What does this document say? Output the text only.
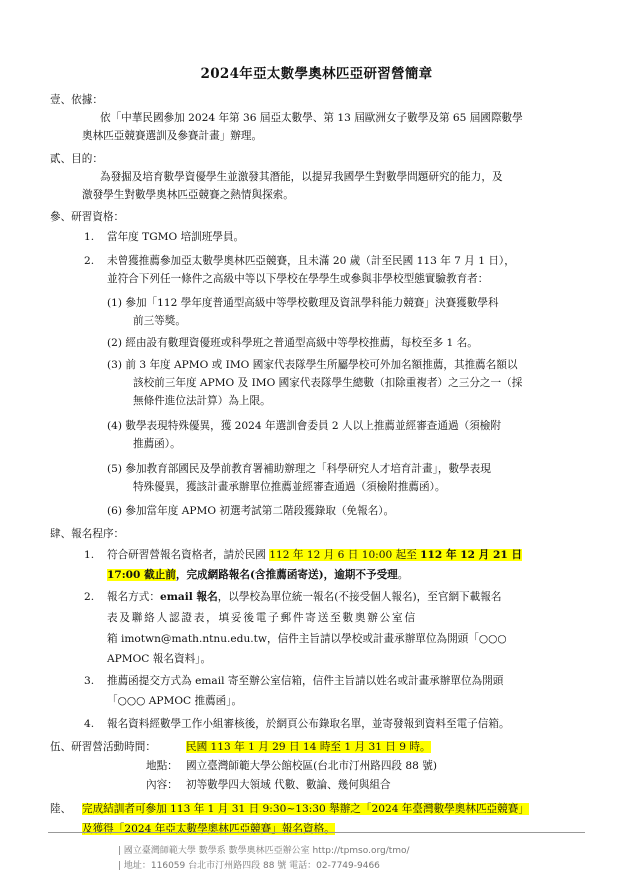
2024年亞太數學奧林匹亞研習營簡章
壹、依據：
依「中華民國參加 2024 年第 36 屆亞太數學、第 13 屆歐洲女子數學及第 65 屆國際數學
奧林匹亞競賽選訓及參賽計畫」辦理。
貳、目的：
為發掘及培育數學資優學生並激發其潛能，以提昇我國學生對數學問題研究的能力，及
激發學生對數學奧林匹亞競賽之熱情與探索。
參、研習資格：
1. 當年度 TGMO 培訓班學員。
2. 未曾獲推薦參加亞太數學奧林匹亞競賽，且未滿 20 歲（計至民國 113 年 7 月 1 日），
並符合下列任一條件之高級中等以下學校在學學生或參與非學校型態實驗教育者：
(1) 參加「112 學年度普通型高級中等學校數理及資訊學科能力競賽」決賽獲數學科
前三等獎。
(2) 經由設有數理資優班或科學班之普通型高級中等學校推薦，每校至多 1 名。
(3) 前 3 年度 APMO 或 IMO 國家代表隊學生所屬學校可外加名額推薦，其推薦名額以
該校前三年度 APMO 及 IMO 國家代表隊學生總數（扣除重複者）之三分之一（採
無條件進位法計算）為上限。
(4) 數學表現特殊優異，獲 2024 年選訓會委員 2 人以上推薦並經審查通過（須檢附
推薦函）。
(5) 參加教育部國民及學前教育署補助辦理之「科學研究人才培育計畫」，數學表現
特殊優異，獲該計畫承辦單位推薦並經審查通過（須檢附推薦函）。
(6) 參加當年度 APMO 初選考試第二階段獲錄取（免報名）。
肆、報名程序：
1. 符合研習營報名資格者，請於民國 112 年 12 月 6 日 10:00 起至 112 年 12 月 21 日
17:00 截止前，完成網路報名(含推薦函寄送)，逾期不予受理。
2. 報名方式：email 報名，以學校為單位統一報名(不接受個人報名)，至官網下載報名
表及聯絡人認證表，填妥後電子郵件寄送至數奧辦公室信
箱 imotwn@math.ntnu.edu.tw，信件主旨請以學校或計畫承辦單位為開頭「○○○
APMOC 報名資料」。
3. 推薦函提交方式為 email 寄至辦公室信箱，信件主旨請以姓名或計畫承辦單位為開頭
「○○○ APMOC 推薦函」。
4. 報名資料經數學工作小組審核後，於網頁公布錄取名單，並寄發報到資料至電子信箱。
伍、研習營活動時間：	民國 113 年 1 月 29 日 14 時至 1 月 31 日 9 時。
地點： 國立臺灣師範大學公館校區(台北市汀州路四段 88 號)
內容： 初等數學四大領域 代數、數論、幾何與組合
陸、 完成結訓者可參加 113 年 1 月 31 日 9:30~13:30 舉辦之「2024 年臺灣數學奧林匹亞競賽」
及獲得「2024 年亞太數學奧林匹亞競賽」報名資格。
| 國立臺灣師範大學 數學系 數學奧林匹亞辦公室 http://tpmso.org/tmo/
| 地址：116059 台北市汀州路四段 88 號 電話：02-7749-9466
